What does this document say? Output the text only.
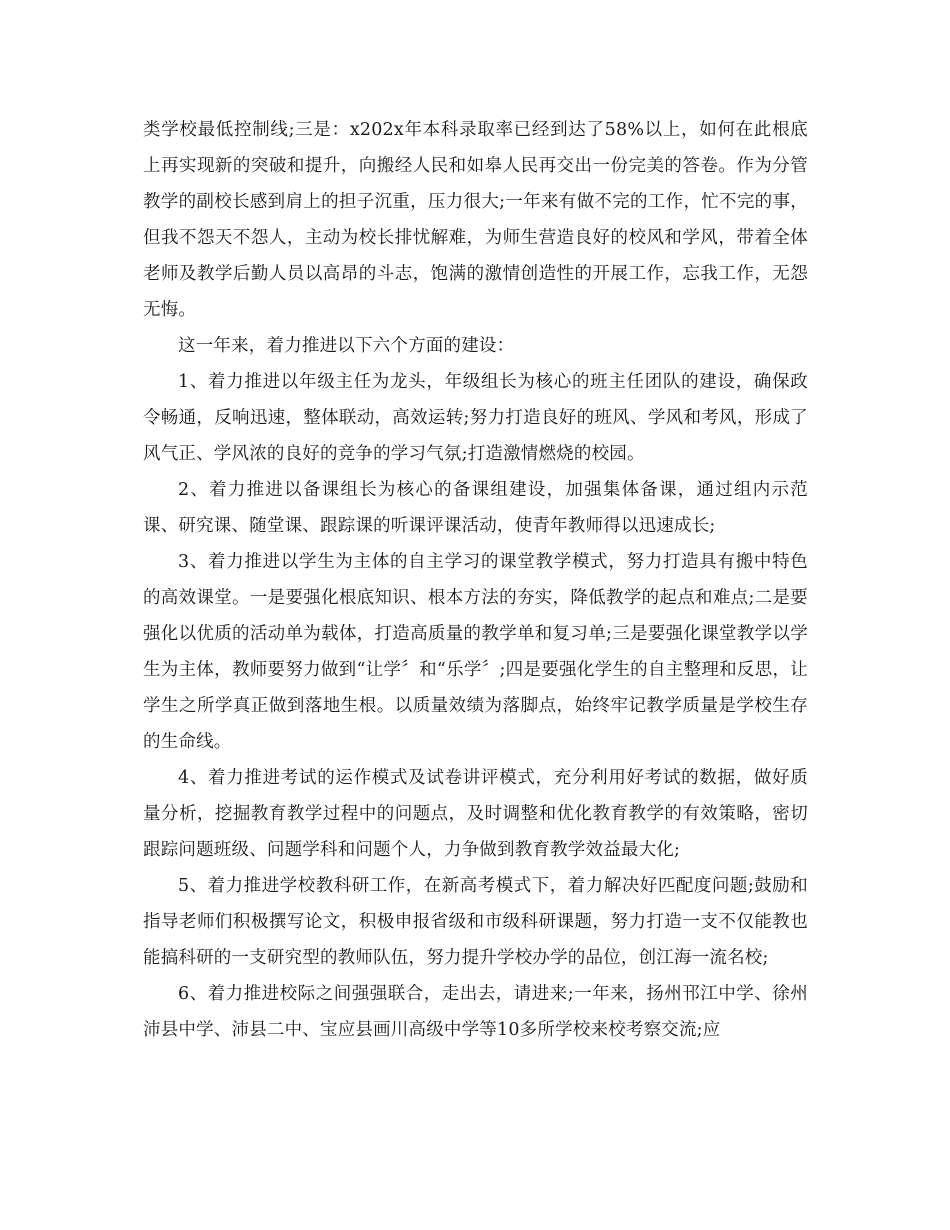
类学校最低控制线;三是：x202x年本科录取率已经到达了58%以上，如何在此根底上再实现新的突破和提升，向搬经人民和如皋人民再交出一份完美的答卷。作为分管教学的副校长感到肩上的担子沉重，压力很大;一年来有做不完的工作，忙不完的事，但我不怨天不怨人，主动为校长排忧解难，为师生营造良好的校风和学风，带着全体老师及教学后勤人员以高昂的斗志，饱满的激情创造性的开展工作，忘我工作，无怨无悔。

这一年来，着力推进以下六个方面的建设：

1、着力推进以年级主任为龙头，年级组长为核心的班主任团队的建设，确保政令畅通，反响迅速，整体联动，高效运转;努力打造良好的班风、学风和考风，形成了风气正、学风浓的良好的竞争的学习气氛;打造激情燃烧的校园。

2、着力推进以备课组长为核心的备课组建设，加强集体备课，通过组内示范课、研究课、随堂课、跟踪课的听课评课活动，使青年教师得以迅速成长;

3、着力推进以学生为主体的自主学习的课堂教学模式，努力打造具有搬中特色的高效课堂。一是要强化根底知识、根本方法的夯实，降低教学的起点和难点;二是要强化以优质的活动单为载体，打造高质量的教学单和复习单;三是要强化课堂教学以学生为主体，教师要努力做到“让学〞和“乐学〞;四是要强化学生的自主整理和反思，让学生之所学真正做到落地生根。以质量效绩为落脚点，始终牢记教学质量是学校生存的生命线。

4、着力推进考试的运作模式及试卷讲评模式，充分利用好考试的数据，做好质量分析，挖掘教育教学过程中的问题点，及时调整和优化教育教学的有效策略，密切跟踪问题班级、问题学科和问题个人，力争做到教育教学效益最大化;

5、着力推进学校教科研工作，在新高考模式下，着力解决好匹配度问题;鼓励和指导老师们积极撰写论文，积极申报省级和市级科研课题，努力打造一支不仅能教也能搞科研的一支研究型的教师队伍，努力提升学校办学的品位，创江海一流名校;

6、着力推进校际之间强强联合，走出去，请进来;一年来，扬州邗江中学、徐州沛县中学、沛县二中、宝应县画川高级中学等10多所学校来校考察交流;应
